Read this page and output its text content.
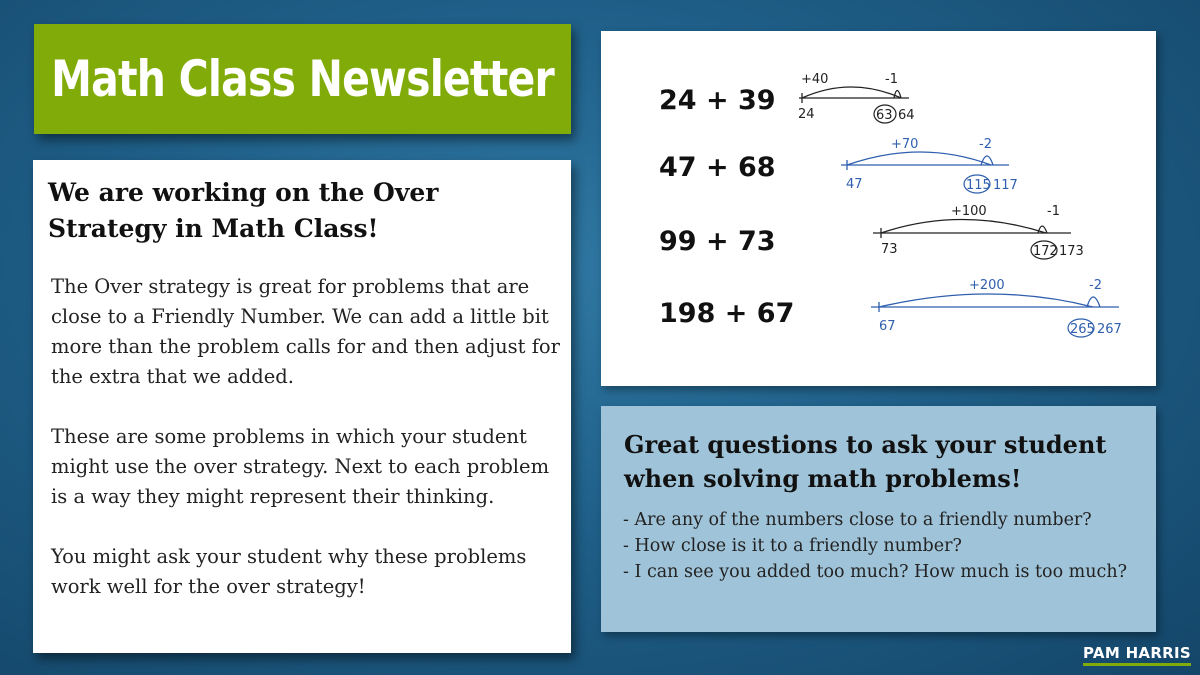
Math Class Newsletter
We are working on the Over Strategy in Math Class!

The Over strategy is great for problems that are close to a Friendly Number. We can add a little bit more than the problem calls for and then adjust for the extra that we added.

These are some problems in which your student might use the over strategy. Next to each problem is a way they might represent their thinking.

You might ask your student why these problems work well for the over strategy!

24 + 39
+40	-1
24	63 64
47 + 68
+70	-2
47	115 117
99 + 73
+100	-1
73	172 173
198 + 67
+200	-2
67	265 267
Great questions to ask your student when solving math problems!
- Are any of the numbers close to a friendly number?
- How close is it to a friendly number?
- I can see you added too much? How much is too much?
PAM HARRIS
